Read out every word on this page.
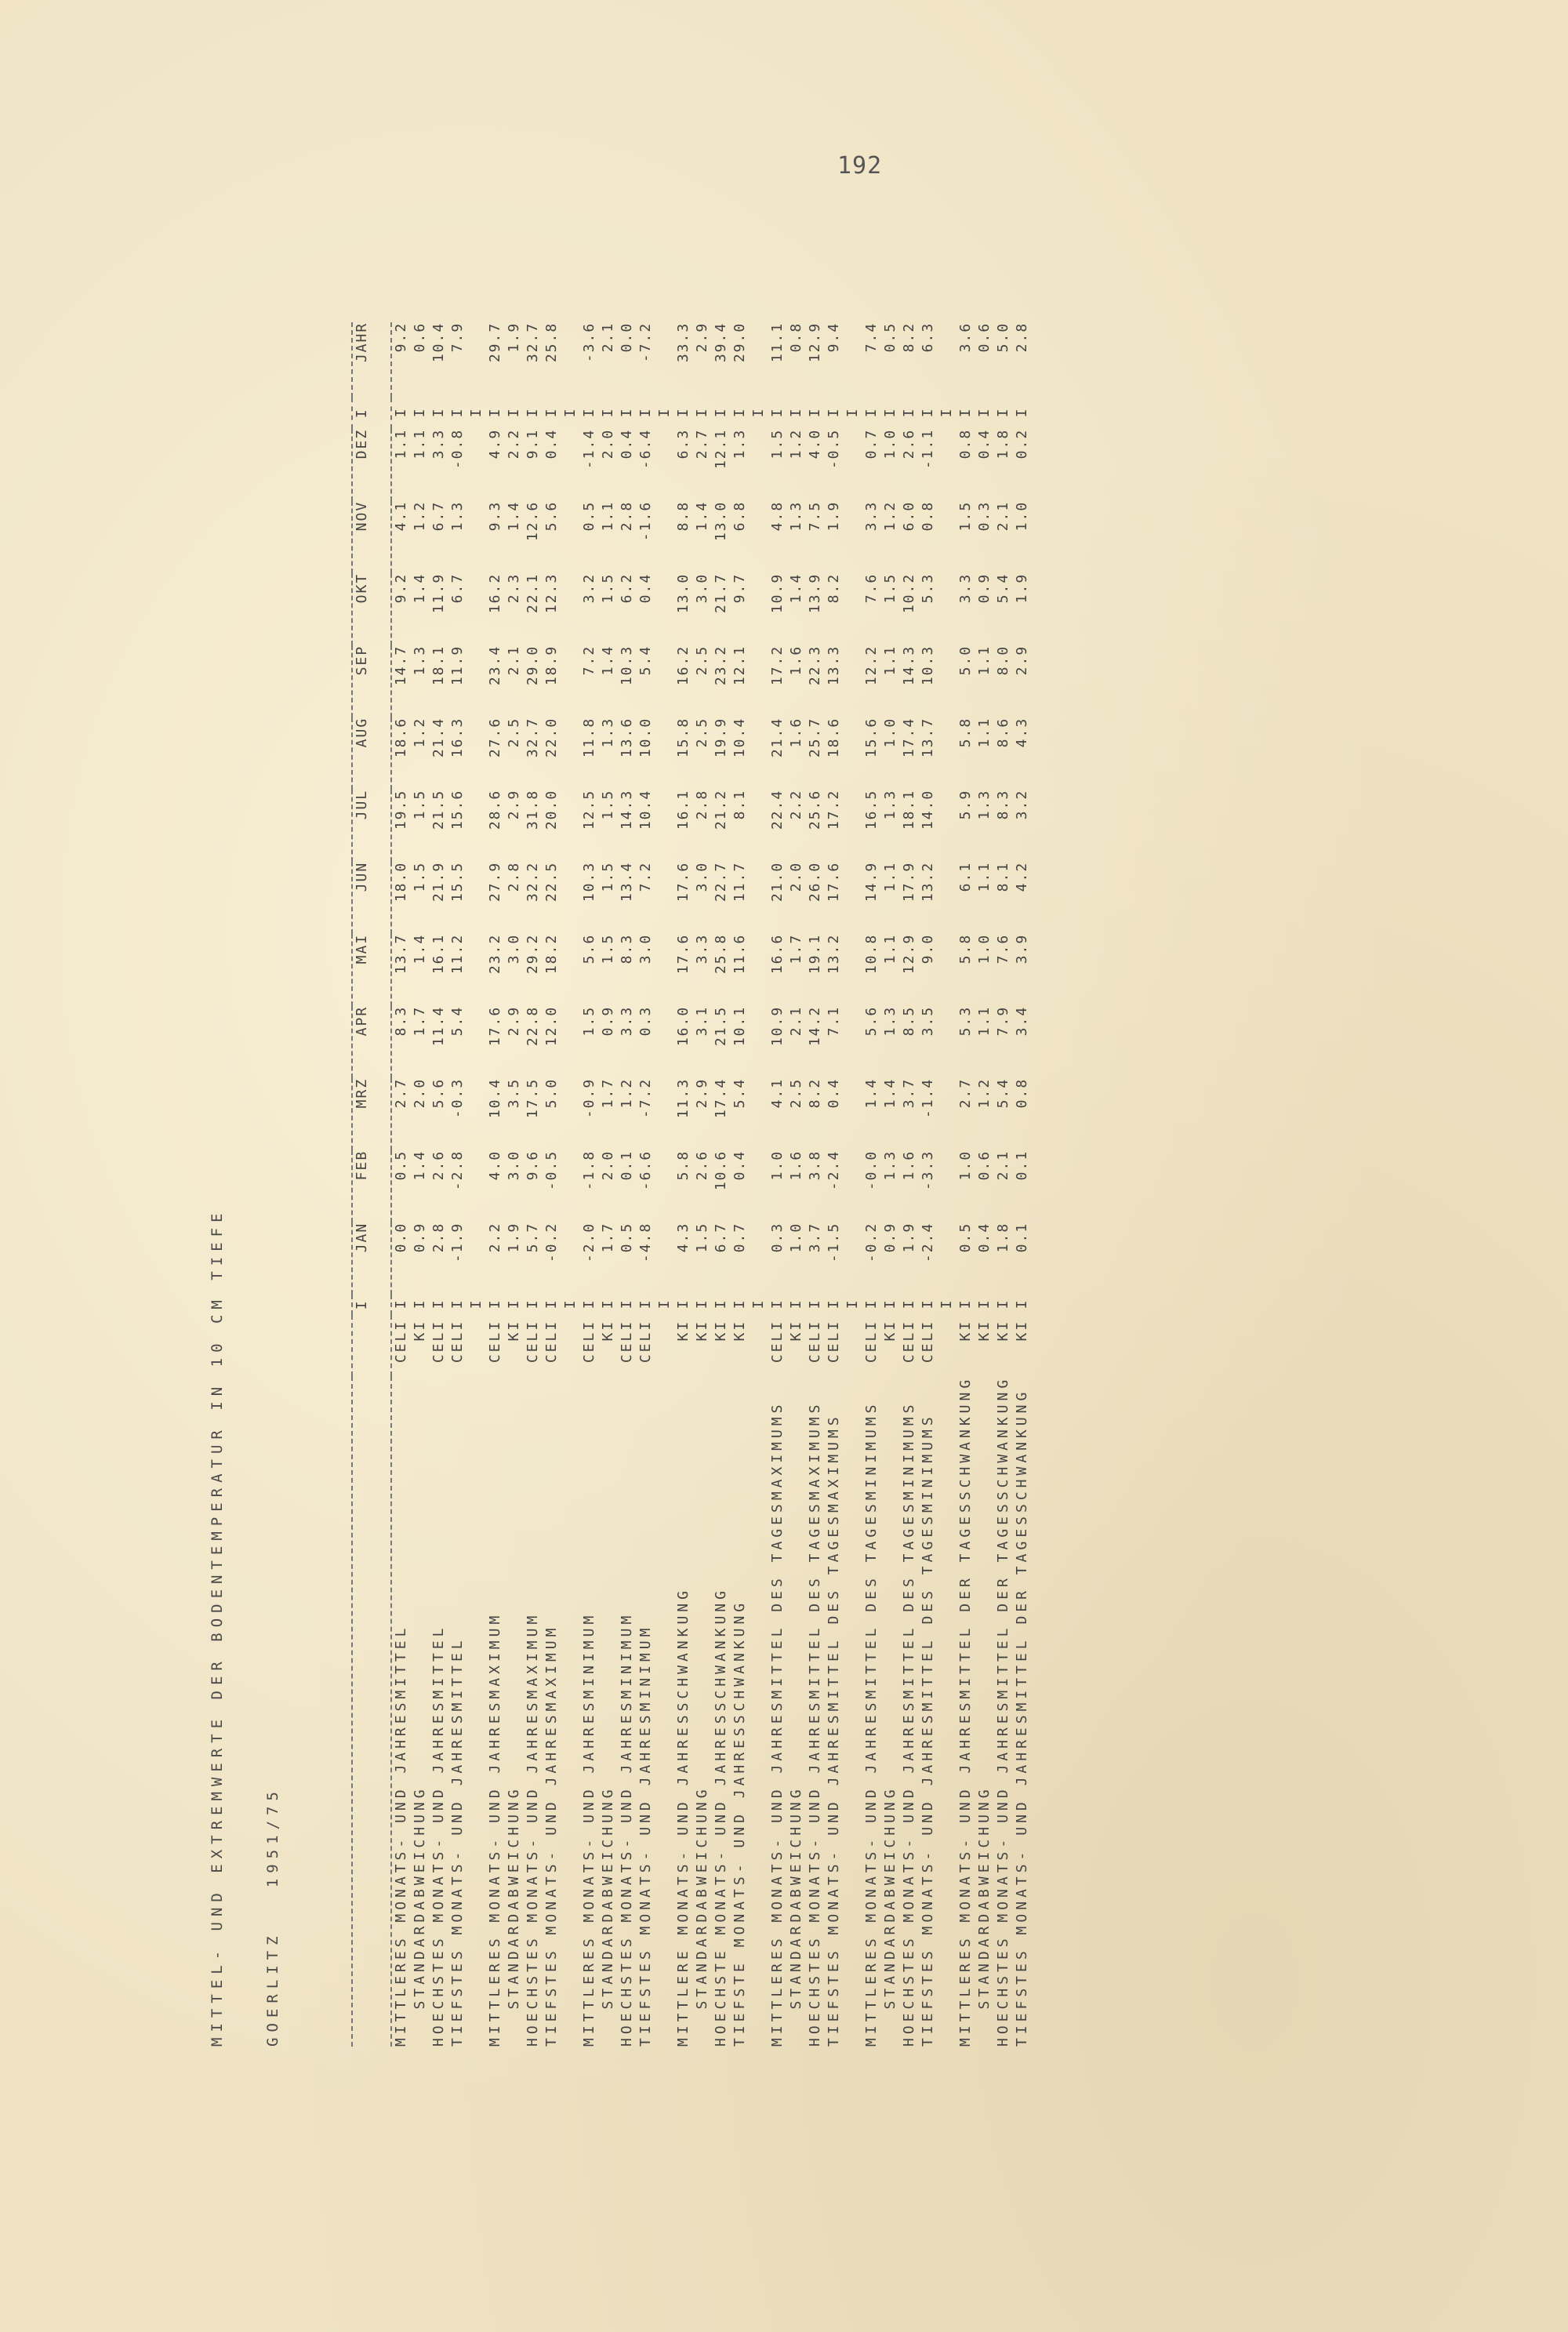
192

MITTEL- UND EXTREMWERTE DER BODENTEMPERATUR IN 10 CM TIEFE

	GOERLITZ   1951/75

		I	JAN	FEB	MRZ	APR	MAI	JUN	JUL	AUG	SEP	OKT	NOV	DEZ	I	JAHR

MITTLERES MONATS- UND JAHRESMITTEL	CELI	I	0.0	0.5	2.7	8.3	13.7	18.0	19.5	18.6	14.7	9.2	4.1	1.1	I	9.2
STANDARDABWEICHUNG	KI	I	0.9	1.4	2.0	1.7	1.4	1.5	1.5	1.2	1.3	1.4	1.2	1.1	I	0.6
HOECHSTES MONATS- UND JAHRESMITTEL	CELI	I	2.8	2.6	5.6	11.4	16.1	21.9	21.5	21.4	18.1	11.9	6.7	3.3	I	10.4
TIEFSTES MONATS- UND JAHRESMITTEL	CELI	I	-1.9	-2.8	-0.3	5.4	11.2	15.5	15.6	16.3	11.9	6.7	1.3	-0.8	I	7.9
		I													I	
MITTLERES MONATS- UND JAHRESMAXIMUM	CELI	I	2.2	4.0	10.4	17.6	23.2	27.9	28.6	27.6	23.4	16.2	9.3	4.9	I	29.7
STANDARDABWEICHUNG	KI	I	1.9	3.0	3.5	2.9	3.0	2.8	2.9	2.5	2.1	2.3	1.4	2.2	I	1.9
HOECHSTES MONATS- UND JAHRESMAXIMUM	CELI	I	5.7	9.6	17.5	22.8	29.2	32.2	31.8	32.7	29.0	22.1	12.6	9.1	I	32.7
TIEFSTES MONATS- UND JAHRESMAXIMUM	CELI	I	-0.2	-0.5	5.0	12.0	18.2	22.5	20.0	22.0	18.9	12.3	5.6	0.4	I	25.8
		I													I	
MITTLERES MONATS- UND JAHRESMINIMUM	CELI	I	-2.0	-1.8	-0.9	1.5	5.6	10.3	12.5	11.8	7.2	3.2	0.5	-1.4	I	-3.6
STANDARDABWEICHUNG	KI	I	1.7	2.0	1.7	0.9	1.5	1.5	1.5	1.3	1.4	1.5	1.1	2.0	I	2.1
HOECHSTES MONATS- UND JAHRESMINIMUM	CELI	I	0.5	0.1	1.2	3.3	8.3	13.4	14.3	13.6	10.3	6.2	2.8	0.4	I	0.0
TIEFSTES MONATS- UND JAHRESMINIMUM	CELI	I	-4.8	-6.6	-7.2	0.3	3.0	7.2	10.4	10.0	5.4	0.4	-1.6	-6.4	I	-7.2
		I													I	
MITTLERE MONATS- UND JAHRESSCHWANKUNG	KI	I	4.3	5.8	11.3	16.0	17.6	17.6	16.1	15.8	16.2	13.0	8.8	6.3	I	33.3
STANDARDABWEICHUNG	KI	I	1.5	2.6	2.9	3.1	3.3	3.0	2.8	2.5	2.5	3.0	1.4	2.7	I	2.9
HOECHSTE MONATS- UND JAHRESSCHWANKUNG	KI	I	6.7	10.6	17.4	21.5	25.8	22.7	21.2	19.9	23.2	21.7	13.0	12.1	I	39.4
TIEFSTE MONATS- UND JAHRESSCHWANKUNG	KI	I	0.7	0.4	5.4	10.1	11.6	11.7	8.1	10.4	12.1	9.7	6.8	1.3	I	29.0
		I													I	
MITTLERES MONATS- UND JAHRESMITTEL DES TAGESMAXIMUMS	CELI	I	0.3	1.0	4.1	10.9	16.6	21.0	22.4	21.4	17.2	10.9	4.8	1.5	I	11.1
STANDARDABWEICHUNG	KI	I	1.0	1.6	2.5	2.1	1.7	2.0	2.2	1.6	1.6	1.4	1.3	1.2	I	0.8
HOECHSTES MONATS- UND JAHRESMITTEL DES TAGESMAXIMUMS	CELI	I	3.7	3.8	8.2	14.2	19.1	26.0	25.6	25.7	22.3	13.9	7.5	4.0	I	12.9
TIEFSTES MONATS- UND JAHRESMITTEL DES TAGESMAXIMUMS	CELI	I	-1.5	-2.4	0.4	7.1	13.2	17.6	17.2	18.6	13.3	8.2	1.9	-0.5	I	9.4
		I													I	
MITTLERES MONATS- UND JAHRESMITTEL DES TAGESMINIMUMS	CELI	I	-0.2	-0.0	1.4	5.6	10.8	14.9	16.5	15.6	12.2	7.6	3.3	0.7	I	7.4
STANDARDABWEICHUNG	KI	I	0.9	1.3	1.4	1.3	1.1	1.1	1.3	1.0	1.1	1.5	1.2	1.0	I	0.5
HOECHSTES MONATS- UND JAHRESMITTEL DES TAGESMINIMUMS	CELI	I	1.9	1.6	3.7	8.5	12.9	17.9	18.1	17.4	14.3	10.2	6.0	2.6	I	8.2
TIEFSTES MONATS- UND JAHRESMITTEL DES TAGESMINIMUMS	CELI	I	-2.4	-3.3	-1.4	3.5	9.0	13.2	14.0	13.7	10.3	5.3	0.8	-1.1	I	6.3
		I													I	
MITTLERES MONATS- UND JAHRESMITTEL DER TAGESSCHWANKUNG	KI	I	0.5	1.0	2.7	5.3	5.8	6.1	5.9	5.8	5.0	3.3	1.5	0.8	I	3.6
STANDARDABWEICHUNG	KI	I	0.4	0.6	1.2	1.1	1.0	1.1	1.3	1.1	1.1	0.9	0.3	0.4	I	0.6
HOECHSTES MONATS- UND JAHRESMITTEL DER TAGESSCHWANKUNG	KI	I	1.8	2.1	5.4	7.9	7.6	8.1	8.3	8.6	8.0	5.4	2.1	1.8	I	5.0
TIEFSTES MONATS- UND JAHRESMITTEL DER TAGESSCHWANKUNG	KI	I	0.1	0.1	0.8	3.4	3.9	4.2	3.2	4.3	2.9	1.9	1.0	0.2	I	2.8
